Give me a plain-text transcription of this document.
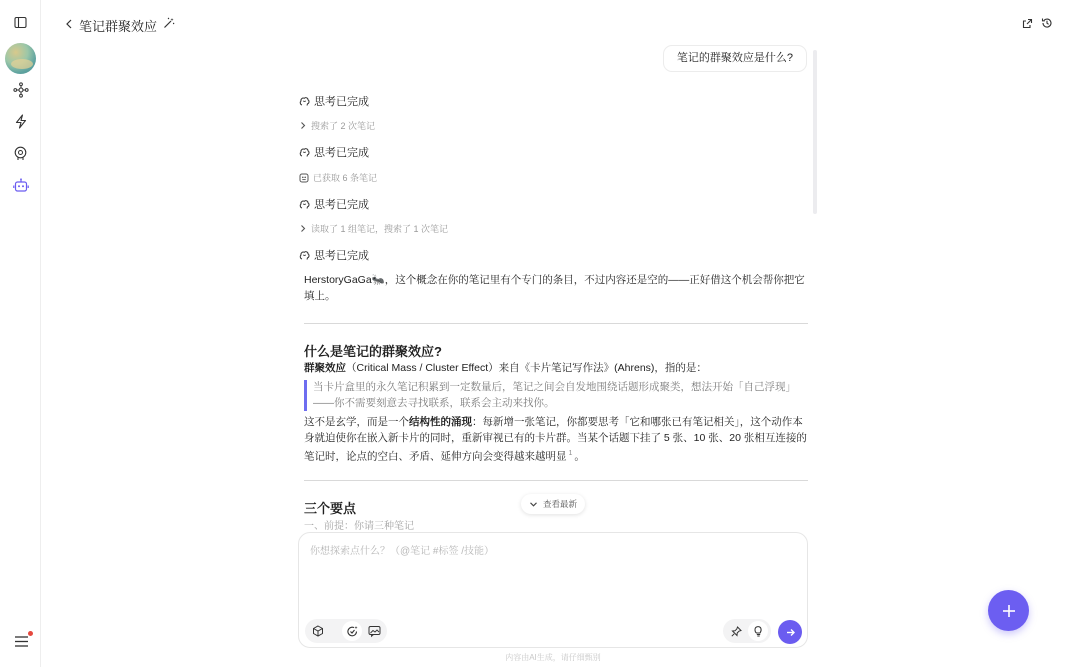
笔记群聚效应
笔记的群聚效应是什么?
思考已完成
搜索了 2 次笔记
思考已完成
已获取 6 条笔记
思考已完成
读取了 1 组笔记，搜索了 1 次笔记
思考已完成
HerstoryGaGa🐜，这个概念在你的笔记里有个专门的条目，不过内容还是空的——正好借这个机会帮你把它填上。
什么是笔记的群聚效应?
群聚效应（Critical Mass / Cluster Effect）来自《卡片笔记写作法》(Ahrens)，指的是：
当卡片盒里的永久笔记积累到一定数量后，笔记之间会自发地围绕话题形成聚类，想法开始「自己浮现」——你不需要刻意去寻找联系，联系会主动来找你。
这不是玄学，而是一个结构性的涌现：每新增一张笔记，你都要思考「它和哪张已有笔记相关」，这个动作本身就迫使你在嵌入新卡片的同时，重新审视已有的卡片群。当某个话题下挂了 5 张、10 张、20 张相互连接的笔记时，论点的空白、矛盾、延伸方向会变得越来越明显 $^1$ 。
三个要点
一、前提：你请三种笔记
查看最新
你想探索点什么？（@笔记 #标签 /技能）
内容由AI生成，请仔细甄别
